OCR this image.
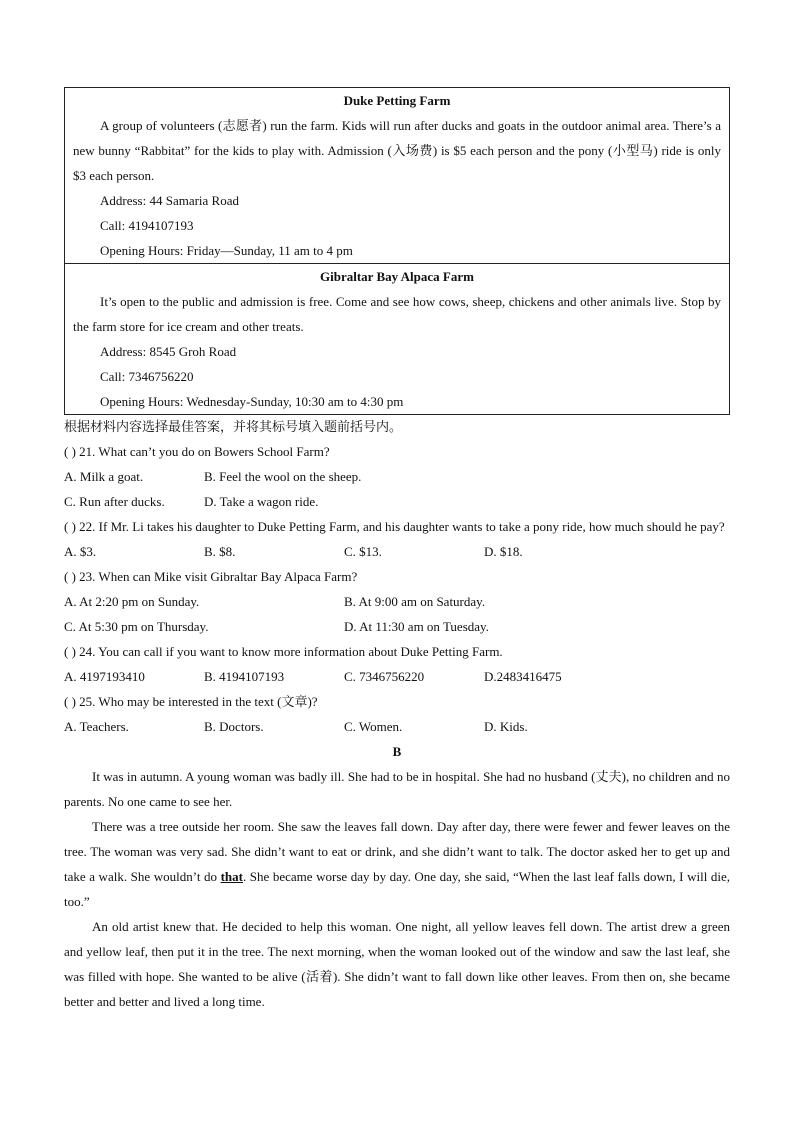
Duke Petting Farm
A group of volunteers (志愿者) run the farm. Kids will run after ducks and goats in the outdoor animal area. There’s a new bunny “Rabbitat” for the kids to play with. Admission (入场费) is $5 each person and the pony (小型马) ride is only $3 each person.
Address: 44 Samaria Road
Call: 4194107193
Opening Hours: Friday—Sunday, 11 am to 4 pm
Gibraltar Bay Alpaca Farm
It’s open to the public and admission is free. Come and see how cows, sheep, chickens and other animals live. Stop by the farm store for ice cream and other treats.
Address: 8545 Groh Road
Call: 7346756220
Opening Hours: Wednesday-Sunday, 10:30 am to 4:30 pm
根据材料内容选择最佳答案，并将其标号填入题前括号内。
( ) 21. What can’t you do on Bowers School Farm?
A. Milk a goat.	B. Feel the wool on the sheep.
C. Run after ducks.	D. Take a wagon ride.
( ) 22. If Mr. Li takes his daughter to Duke Petting Farm, and his daughter wants to take a pony ride, how much should he pay?
A. $3.	B. $8.	C. $13.	D. $18.
( ) 23. When can Mike visit Gibraltar Bay Alpaca Farm?
A. At 2:20 pm on Sunday.	B. At 9:00 am on Saturday.
C. At 5:30 pm on Thursday.	D. At 11:30 am on Tuesday.
( ) 24. You can call if you want to know more information about Duke Petting Farm.
A. 4197193410	B. 4194107193	C. 7346756220	D.2483416475
( ) 25. Who may be interested in the text (文章)?
A. Teachers.	B. Doctors.	C. Women.	D. Kids.
B
It was in autumn. A young woman was badly ill. She had to be in hospital. She had no husband (丈夫), no children and no parents. No one came to see her.
There was a tree outside her room. She saw the leaves fall down. Day after day, there were fewer and fewer leaves on the tree. The woman was very sad. She didn’t want to eat or drink, and she didn’t want to talk. The doctor asked her to get up and take a walk. She wouldn’t do that. She became worse day by day. One day, she said, “When the last leaf falls down, I will die, too.”
An old artist knew that. He decided to help this woman. One night, all yellow leaves fell down. The artist drew a green and yellow leaf, then put it in the tree. The next morning, when the woman looked out of the window and saw the last leaf, she was filled with hope. She wanted to be alive (活着). She didn’t want to fall down like other leaves. From then on, she became better and better and lived a long time.
